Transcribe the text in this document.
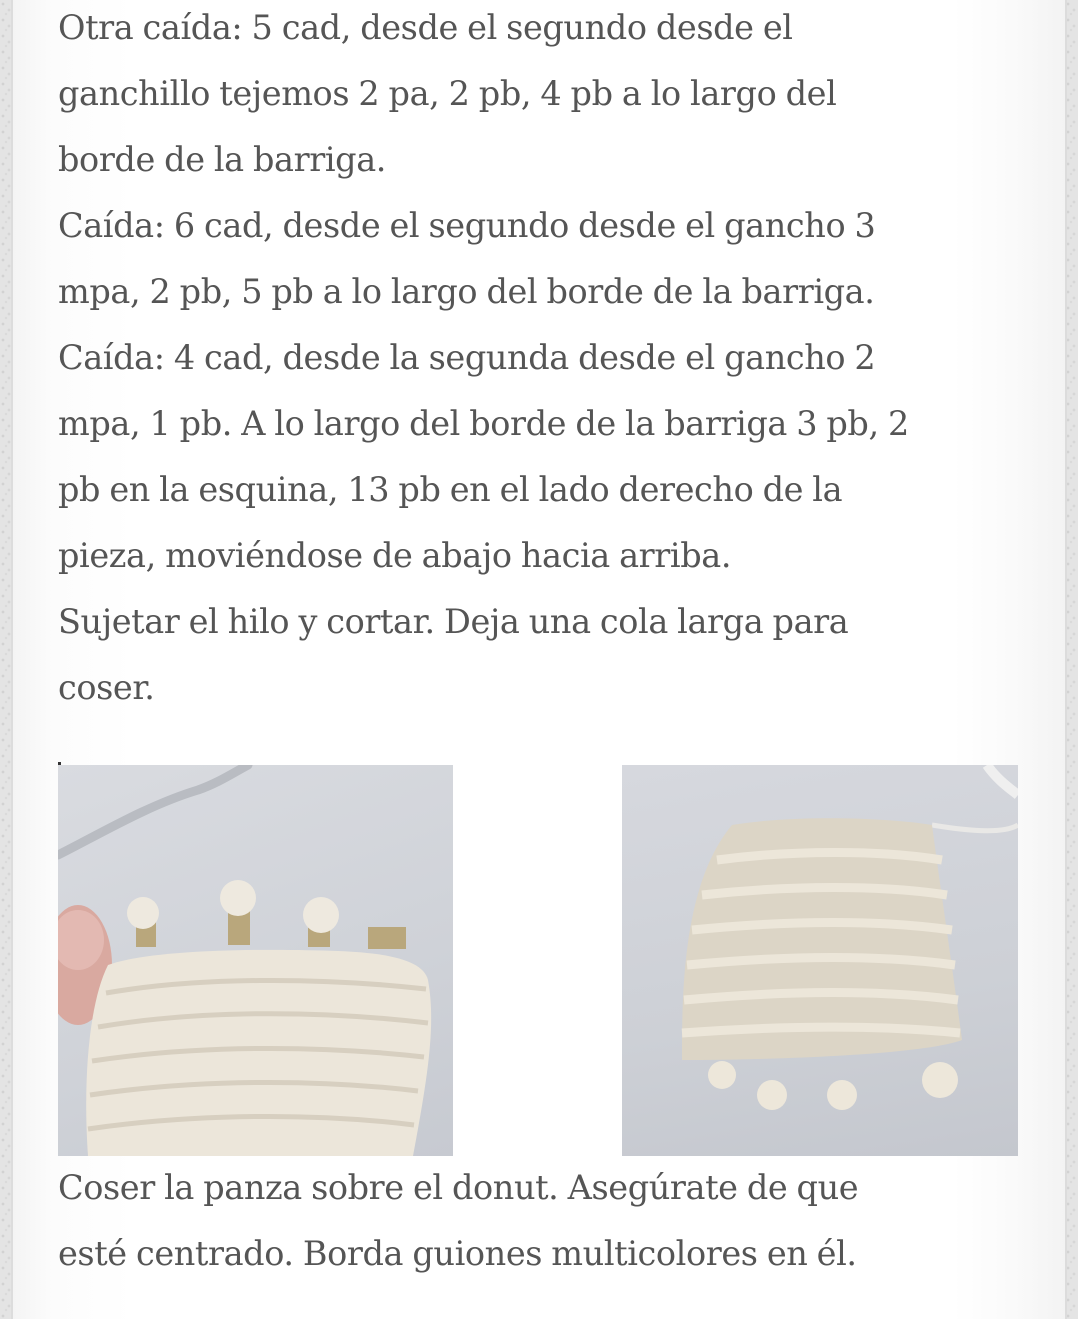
Otra caída: 5 cad, desde el segundo desde el
ganchillo tejemos 2 pa, 2 pb, 4 pb a lo largo del
borde de la barriga.
Caída: 6 cad, desde el segundo desde el gancho 3
mpa, 2 pb, 5 pb a lo largo del borde de la barriga.
Caída: 4 cad, desde la segunda desde el gancho 2
mpa, 1 pb. A lo largo del borde de la barriga 3 pb, 2
pb en la esquina, 13 pb en el lado derecho de la
pieza, moviéndose de abajo hacia arriba.
Sujetar el hilo y cortar. Deja una cola larga para
coser.
Coser la panza sobre el donut. Asegúrate de que
esté centrado. Borda guiones multicolores en él.
